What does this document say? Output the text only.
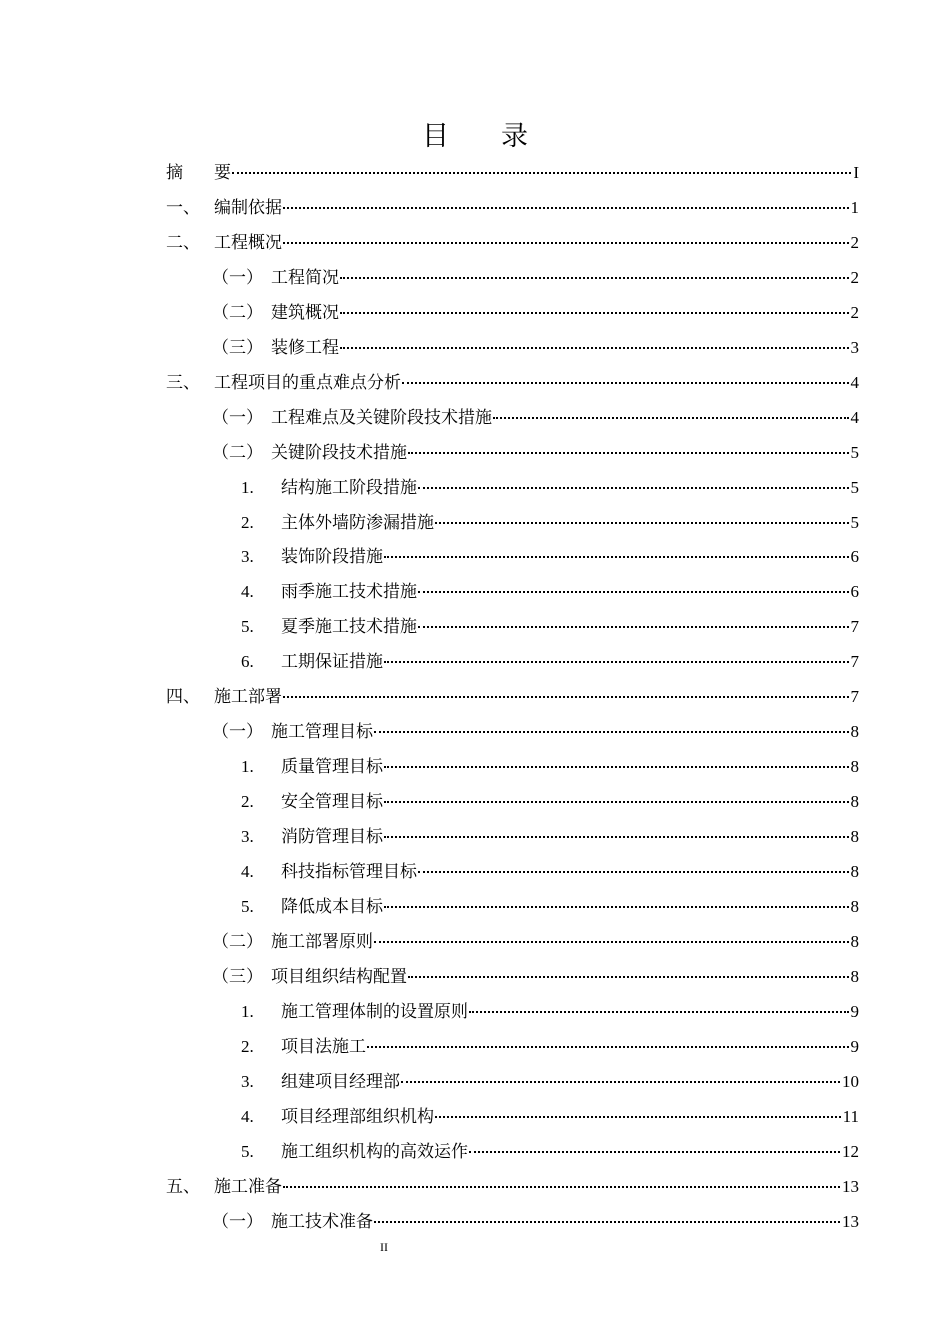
目 录
摘	要	I
一、 编制依据	1
二、 工程概况	2
（一） 工程简况	2
（二） 建筑概况	2
（三） 装修工程	3
三、 工程项目的重点难点分析	4
（一） 工程难点及关键阶段技术措施	4
（二） 关键阶段技术措施	5
1.	结构施工阶段措施	5
2.	主体外墙防渗漏措施	5
3.	装饰阶段措施	6
4.	雨季施工技术措施	6
5.	夏季施工技术措施	7
6.	工期保证措施	7
四、 施工部署	7
（一） 施工管理目标	8
1.	质量管理目标	8
2.	安全管理目标	8
3.	消防管理目标	8
4.	科技指标管理目标	8
5.	降低成本目标	8
（二） 施工部署原则	8
（三） 项目组织结构配置	8
1.	施工管理体制的设置原则	9
2.	项目法施工	9
3.	组建项目经理部	10
4.	项目经理部组织机构	11
5.	施工组织机构的高效运作	12
五、 施工准备	13
（一） 施工技术准备	13
II
